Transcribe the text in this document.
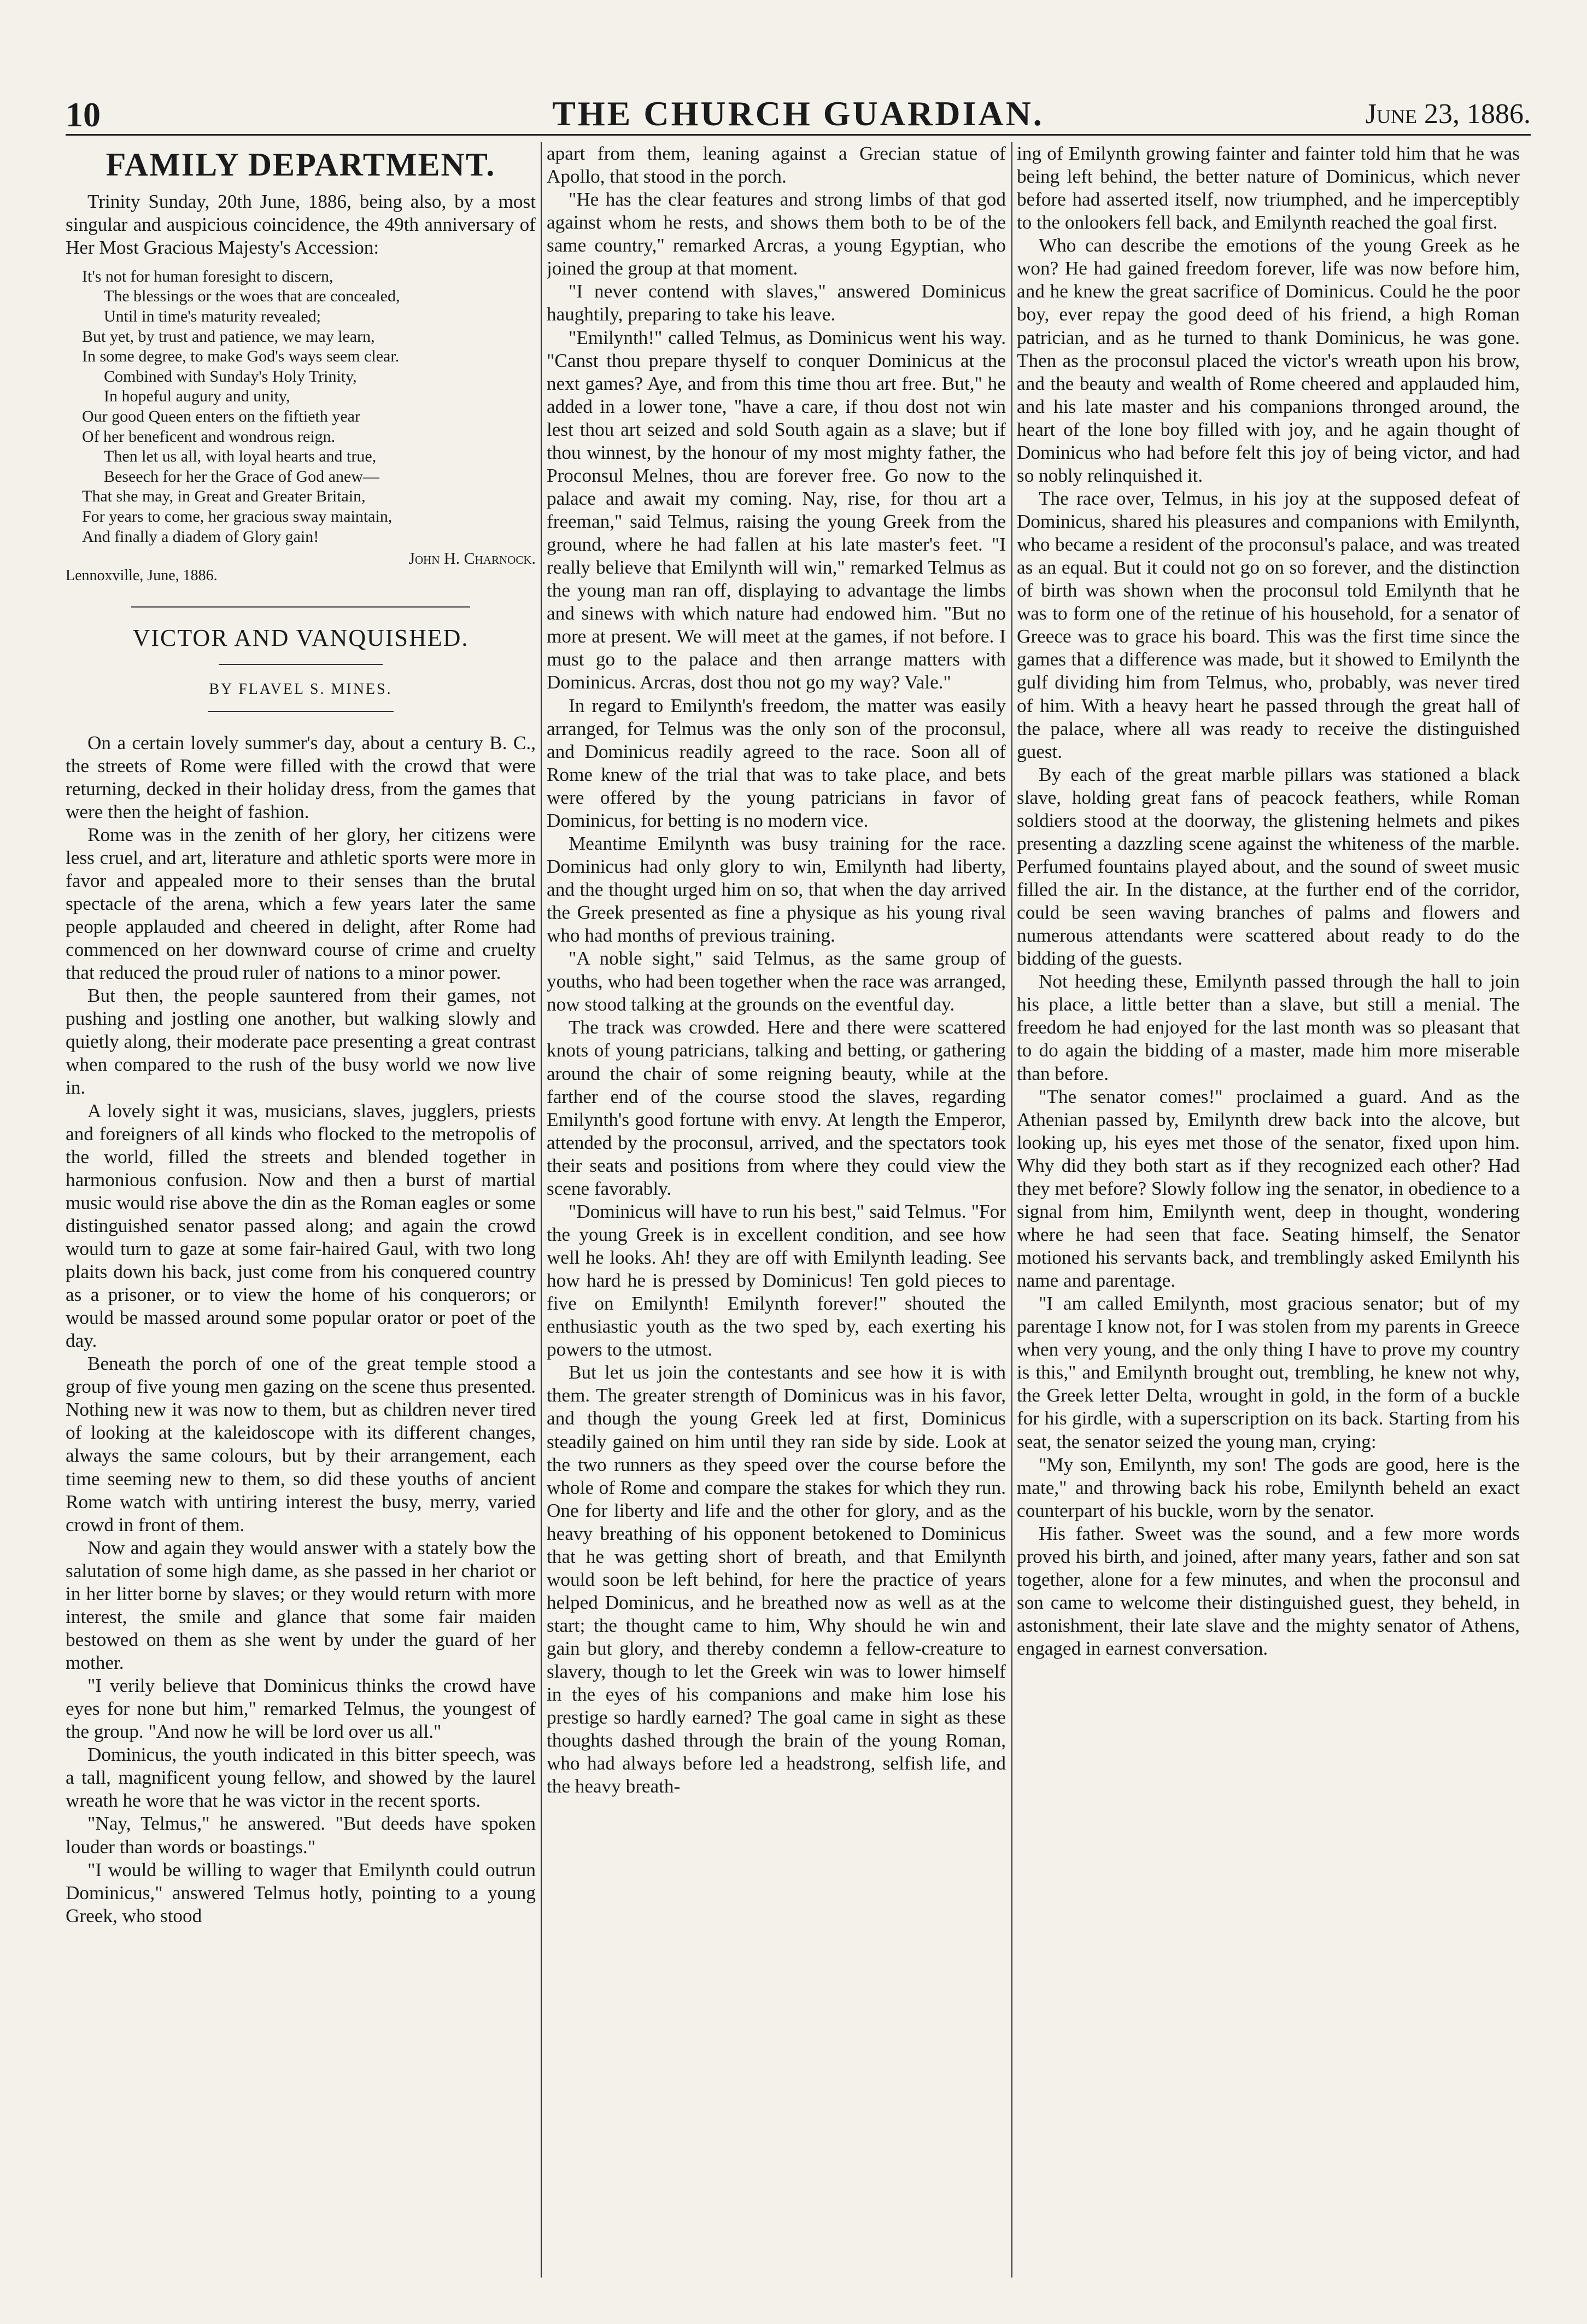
10	THE CHURCH GUARDIAN.	June 23, 1886.
FAMILY DEPARTMENT.

Trinity Sunday, 20th June, 1886, being also, by a most singular and auspicious coincidence, the 49th anniversary of Her Most Gracious Majesty's Accession:

It's not for human foresight to discern,
The blessings or the woes that are concealed,
Until in time's maturity revealed;
But yet, by trust and patience, we may learn,
In some degree, to make God's ways seem clear.
Combined with Sunday's Holy Trinity,
In hopeful augury and unity,
Our good Queen enters on the fiftieth year
Of her beneficent and wondrous reign.
Then let us all, with loyal hearts and true,
Beseech for her the Grace of God anew—
That she may, in Great and Greater Britain,
For years to come, her gracious sway maintain,
And finally a diadem of Glory gain!
John H. Charnock.
Lennoxville, June, 1886.
VICTOR AND VANQUISHED.
BY FLAVEL S. MINES.

On a certain lovely summer's day, about a century B. C., the streets of Rome were filled with the crowd that were returning, decked in their holiday dress, from the games that were then the height of fashion.

Rome was in the zenith of her glory, her citizens were less cruel, and art, literature and athletic sports were more in favor and appealed more to their senses than the brutal spectacle of the arena, which a few years later the same people applauded and cheered in delight, after Rome had commenced on her downward course of crime and cruelty that reduced the proud ruler of nations to a minor power.

But then, the people sauntered from their games, not pushing and jostling one another, but walking slowly and quietly along, their moderate pace presenting a great contrast when compared to the rush of the busy world we now live in.

A lovely sight it was, musicians, slaves, jugglers, priests and foreigners of all kinds who flocked to the metropolis of the world, filled the streets and blended together in harmonious confusion. Now and then a burst of martial music would rise above the din as the Roman eagles or some distinguished senator passed along; and again the crowd would turn to gaze at some fair-haired Gaul, with two long plaits down his back, just come from his conquered country as a prisoner, or to view the home of his conquerors; or would be massed around some popular orator or poet of the day.

Beneath the porch of one of the great temple stood a group of five young men gazing on the scene thus presented. Nothing new it was now to them, but as children never tired of looking at the kaleidoscope with its different changes, always the same colours, but by their arrangement, each time seeming new to them, so did these youths of ancient Rome watch with untiring interest the busy, merry, varied crowd in front of them.

Now and again they would answer with a stately bow the salutation of some high dame, as she passed in her chariot or in her litter borne by slaves; or they would return with more interest, the smile and glance that some fair maiden bestowed on them as she went by under the guard of her mother.

"I verily believe that Dominicus thinks the crowd have eyes for none but him," remarked Telmus, the youngest of the group. "And now he will be lord over us all."

Dominicus, the youth indicated in this bitter speech, was a tall, magnificent young fellow, and showed by the laurel wreath he wore that he was victor in the recent sports.

"Nay, Telmus," he answered. "But deeds have spoken louder than words or boastings."

"I would be willing to wager that Emilynth could outrun Dominicus," answered Telmus hotly, pointing to a young Greek, who stood

apart from them, leaning against a Grecian statue of Apollo, that stood in the porch.

"He has the clear features and strong limbs of that god against whom he rests, and shows them both to be of the same country," remarked Arcras, a young Egyptian, who joined the group at that moment.

"I never contend with slaves," answered Dominicus haughtily, preparing to take his leave.

"Emilynth!" called Telmus, as Dominicus went his way. "Canst thou prepare thyself to conquer Dominicus at the next games? Aye, and from this time thou art free. But," he added in a lower tone, "have a care, if thou dost not win lest thou art seized and sold South again as a slave; but if thou winnest, by the honour of my most mighty father, the Proconsul Melnes, thou are forever free. Go now to the palace and await my coming. Nay, rise, for thou art a freeman," said Telmus, raising the young Greek from the ground, where he had fallen at his late master's feet. "I really believe that Emilynth will win," remarked Telmus as the young man ran off, displaying to advantage the limbs and sinews with which nature had endowed him. "But no more at present. We will meet at the games, if not before. I must go to the palace and then arrange matters with Dominicus. Arcras, dost thou not go my way? Vale."

In regard to Emilynth's freedom, the matter was easily arranged, for Telmus was the only son of the proconsul, and Dominicus readily agreed to the race. Soon all of Rome knew of the trial that was to take place, and bets were offered by the young patricians in favor of Dominicus, for betting is no modern vice.

Meantime Emilynth was busy training for the race. Dominicus had only glory to win, Emilynth had liberty, and the thought urged him on so, that when the day arrived the Greek presented as fine a physique as his young rival who had months of previous training.

"A noble sight," said Telmus, as the same group of youths, who had been together when the race was arranged, now stood talking at the grounds on the eventful day.

The track was crowded. Here and there were scattered knots of young patricians, talking and betting, or gathering around the chair of some reigning beauty, while at the farther end of the course stood the slaves, regarding Emilynth's good fortune with envy. At length the Emperor, attended by the proconsul, arrived, and the spectators took their seats and positions from where they could view the scene favorably.

"Dominicus will have to run his best," said Telmus. "For the young Greek is in excellent condition, and see how well he looks. Ah! they are off with Emilynth leading. See how hard he is pressed by Dominicus! Ten gold pieces to five on Emilynth! Emilynth forever!" shouted the enthusiastic youth as the two sped by, each exerting his powers to the utmost.

But let us join the contestants and see how it is with them. The greater strength of Dominicus was in his favor, and though the young Greek led at first, Dominicus steadily gained on him until they ran side by side. Look at the two runners as they speed over the course before the whole of Rome and compare the stakes for which they run. One for liberty and life and the other for glory, and as the heavy breathing of his opponent betokened to Dominicus that he was getting short of breath, and that Emilynth would soon be left behind, for here the practice of years helped Dominicus, and he breathed now as well as at the start; the thought came to him, Why should he win and gain but glory, and thereby condemn a fellow-creature to slavery, though to let the Greek win was to lower himself in the eyes of his companions and make him lose his prestige so hardly earned? The goal came in sight as these thoughts dashed through the brain of the young Roman, who had always before led a headstrong, selfish life, and the heavy breath-

ing of Emilynth growing fainter and fainter told him that he was being left behind, the better nature of Dominicus, which never before had asserted itself, now triumphed, and he imperceptibly to the onlookers fell back, and Emilynth reached the goal first.

Who can describe the emotions of the young Greek as he won? He had gained freedom forever, life was now before him, and he knew the great sacrifice of Dominicus. Could he the poor boy, ever repay the good deed of his friend, a high Roman patrician, and as he turned to thank Dominicus, he was gone. Then as the proconsul placed the victor's wreath upon his brow, and the beauty and wealth of Rome cheered and applauded him, and his late master and his companions thronged around, the heart of the lone boy filled with joy, and he again thought of Dominicus who had before felt this joy of being victor, and had so nobly relinquished it.

The race over, Telmus, in his joy at the supposed defeat of Dominicus, shared his pleasures and companions with Emilynth, who became a resident of the proconsul's palace, and was treated as an equal. But it could not go on so forever, and the distinction of birth was shown when the proconsul told Emilynth that he was to form one of the retinue of his household, for a senator of Greece was to grace his board. This was the first time since the games that a difference was made, but it showed to Emilynth the gulf dividing him from Telmus, who, probably, was never tired of him. With a heavy heart he passed through the great hall of the palace, where all was ready to receive the distinguished guest.

By each of the great marble pillars was stationed a black slave, holding great fans of peacock feathers, while Roman soldiers stood at the doorway, the glistening helmets and pikes presenting a dazzling scene against the whiteness of the marble. Perfumed fountains played about, and the sound of sweet music filled the air. In the distance, at the further end of the corridor, could be seen waving branches of palms and flowers and numerous attendants were scattered about ready to do the bidding of the guests.

Not heeding these, Emilynth passed through the hall to join his place, a little better than a slave, but still a menial. The freedom he had enjoyed for the last month was so pleasant that to do again the bidding of a master, made him more miserable than before.

"The senator comes!" proclaimed a guard. And as the Athenian passed by, Emilynth drew back into the alcove, but looking up, his eyes met those of the senator, fixed upon him. Why did they both start as if they recognized each other? Had they met before? Slowly follow ing the senator, in obedience to a signal from him, Emilynth went, deep in thought, wondering where he had seen that face. Seating himself, the Senator motioned his servants back, and tremblingly asked Emilynth his name and parentage.

"I am called Emilynth, most gracious senator; but of my parentage I know not, for I was stolen from my parents in Greece when very young, and the only thing I have to prove my country is this," and Emilynth brought out, trembling, he knew not why, the Greek letter Delta, wrought in gold, in the form of a buckle for his girdle, with a superscription on its back. Starting from his seat, the senator seized the young man, crying:

"My son, Emilynth, my son! The gods are good, here is the mate," and throwing back his robe, Emilynth beheld an exact counterpart of his buckle, worn by the senator.

His father. Sweet was the sound, and a few more words proved his birth, and joined, after many years, father and son sat together, alone for a few minutes, and when the proconsul and son came to welcome their distinguished guest, they beheld, in astonishment, their late slave and the mighty senator of Athens, engaged in earnest conversation.
